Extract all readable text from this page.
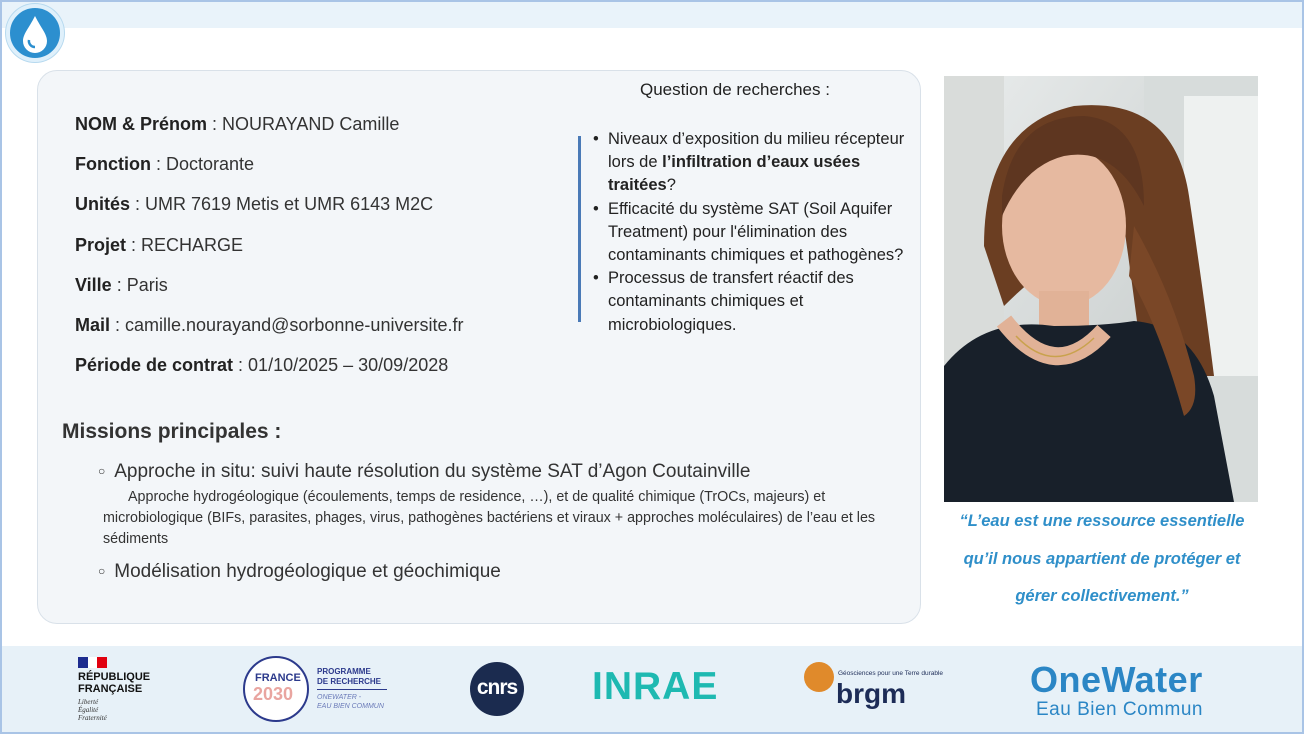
NOM & Prénom : NOURAYAND Camille
Fonction : Doctorante
Unités : UMR 7619 Metis et UMR 6143 M2C
Projet : RECHARGE
Ville : Paris
Mail : camille.nourayand@sorbonne-universite.fr
Période de contrat : 01/10/2025 – 30/09/2028
Question de recherches :
• Niveaux d’exposition du milieu récepteur lors de l’infiltration d’eaux usées traitées?
• Efficacité du système SAT (Soil Aquifer Treatment) pour l'élimination des contaminants chimiques et pathogènes?
• Processus de transfert réactif des contaminants chimiques et microbiologiques.
Missions principales :
○ Approche in situ: suivi haute résolution du système SAT d’Agon Coutainville
Approche hydrogéologique (écoulements, temps de residence, …), et de qualité chimique (TrOCs, majeurs) et microbiologique (BIFs, parasites, phages, virus, pathogènes bactériens et viraux + approches moléculaires) de l’eau et les sédiments
○ Modélisation hydrogéologique et géochimique
“L’eau est une ressource essentielle
qu’il nous appartient de protéger et
gérer collectivement.”
RÉPUBLIQUE
FRANÇAISE
Liberté
Égalité
Fraternité
FRANCE
2030
PROGRAMME
DE RECHERCHE
ONEWATER -
EAU BIEN COMMUN
cnrs INRAE	Géosciences pour une Terre durable
brgm	OneWater
Eau Bien Commun
